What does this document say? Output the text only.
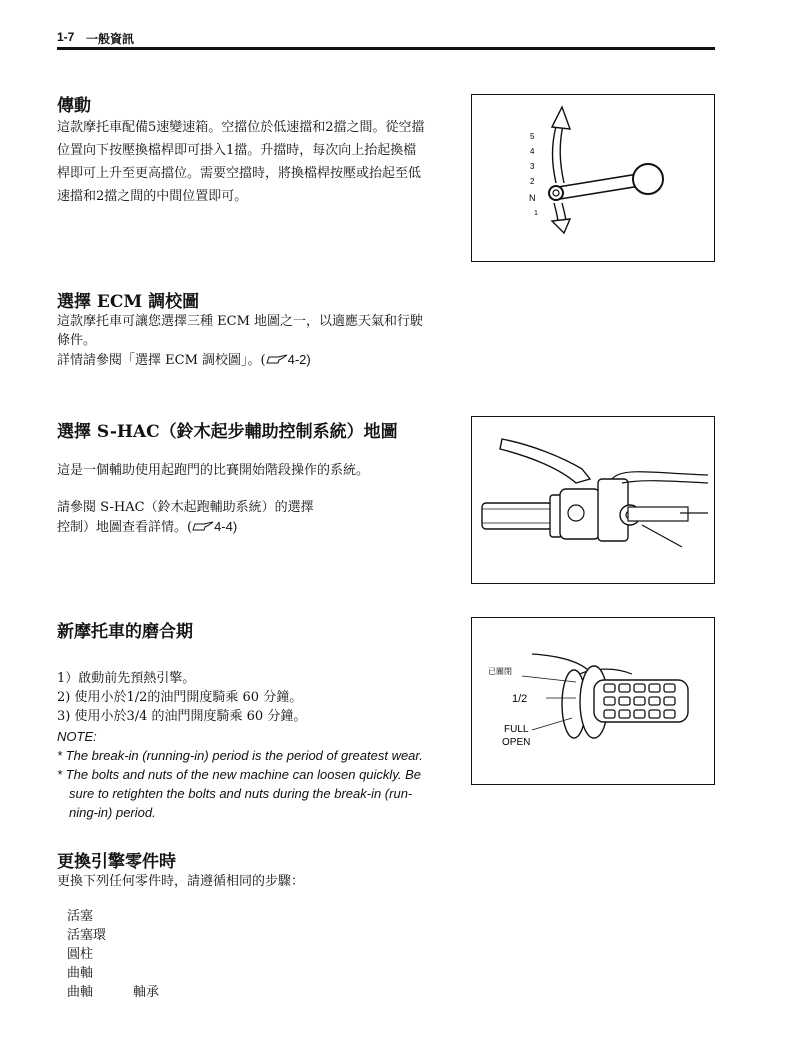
1-7 一般資訊
傳動
這款摩托車配備5速變速箱。空擋位於低速擋和2擋之間。從空擋
位置向下按壓換檔桿即可掛入1擋。升擋時，每次向上抬起換檔
桿即可上升至更高擋位。需要空擋時，將換檔桿按壓或抬起至低
速擋和2擋之間的中間位置即可。
5
4
3
2
N
1
選擇 ECM 調校圖
這款摩托車可讓您選擇三種 ECM 地圖之一，以適應天氣和行駛
條件。
詳情請參閱「選擇 ECM 調校圖」。( 4-2)
選擇 S-HAC（鈴木起步輔助控制系統）地圖
這是一個輔助使用起跑門的比賽開始階段操作的系統。
請參閱 S-HAC（鈴木起跑輔助系統）的選擇
控制）地圖查看詳情。( 4-4)
新摩托車的磨合期
1）啟動前先預熱引擎。
2) 使用小於1/2的油門開度騎乘 60 分鐘。
3) 使用小於3/4 的油門開度騎乘 60 分鐘。
NOTE:
* The break-in (running-in) period is the period of greatest wear.
* The bolts and nuts of the new machine can loosen quickly. Be
sure to retighten the bolts and nuts during the break-in (run-
ning-in) period.
已關閉
1/2
FULL
OPEN
更換引擎零件時
更換下列任何零件時，請遵循相同的步驟：
活塞
活塞環
圓柱
曲軸
曲軸	軸承
